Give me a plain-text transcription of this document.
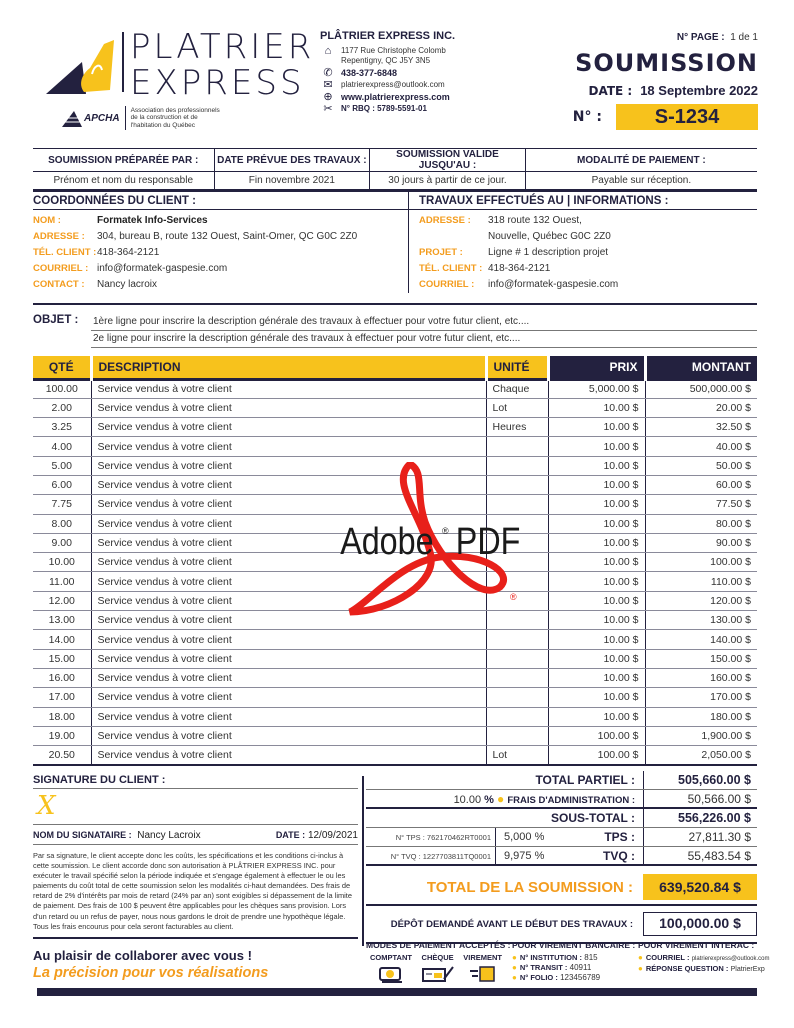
PLATRIER
EXPRESS
APCHA
Association des professionnels
de la construction et de
l'habitation du Québec
PLÂTRIER EXPRESS INC.
⌂	1177 Rue Christophe Colomb
Repentigny, QC J5Y 3N5
✆ 438-377-6848
✉	platrierexpress@outlook.com
⊕ www.platrierexpress.com
✂	N° RBQ : 5789-5591-01
N° PAGE : 1 de 1
SOUMISSION
DATE : 18 Septembre 2022
N° :	S-1234
SOUMISSION PRÉPARÉE PAR :	DATE PRÉVUE DES TRAVAUX :	SOUMISSION VALIDE JUSQU'AU :	MODALITÉ DE PAIEMENT :
Prénom et nom du responsable	Fin novembre 2021	30 jours à partir de ce jour.	Payable sur réception.
COORDONNÉES DU CLIENT :
NOM :	Formatek Info-Services
ADRESSE :	304, bureau B, route 132 Ouest, Saint-Omer, QC G0C 2Z0
TÉL. CLIENT : 418-364-2121
COURRIEL : info@formatek-gaspesie.com
CONTACT :	Nancy lacroix
TRAVAUX EFFECTUÉS AU | INFORMATIONS :
ADRESSE :	318 route 132 Ouest,
Nouvelle, Québec G0C 2Z0
PROJET :	Ligne # 1 description projet
TÉL. CLIENT : 418-364-2121
COURRIEL :	info@formatek-gaspesie.com
OBJET : 1ère ligne pour inscrire la description générale des travaux à effectuer pour votre futur client, etc....
2e ligne pour inscrire la description générale des travaux à effectuer pour votre futur client, etc....
QTÉ	DESCRIPTION	UNITÉ	PRIX	MONTANT
100.00	Service vendus à votre client	Chaque	5,000.00 $	500,000.00 $
2.00	Service vendus à votre client	Lot	10.00 $	20.00 $
3.25	Service vendus à votre client	Heures	10.00 $	32.50 $
4.00	Service vendus à votre client		10.00 $	40.00 $
5.00	Service vendus à votre client		10.00 $	50.00 $
6.00	Service vendus à votre client		10.00 $	60.00 $
7.75	Service vendus à votre client		10.00 $	77.50 $
8.00	Service vendus à votre client		10.00 $	80.00 $
9.00	Service vendus à votre client		10.00 $	90.00 $
10.00	Service vendus à votre client		10.00 $	100.00 $
11.00	Service vendus à votre client		10.00 $	110.00 $
12.00	Service vendus à votre client		10.00 $	120.00 $
13.00	Service vendus à votre client		10.00 $	130.00 $
14.00	Service vendus à votre client		10.00 $	140.00 $
15.00	Service vendus à votre client		10.00 $	150.00 $
16.00	Service vendus à votre client		10.00 $	160.00 $
17.00	Service vendus à votre client		10.00 $	170.00 $
18.00	Service vendus à votre client		10.00 $	180.00 $
19.00	Service vendus à votre client		100.00 $	1,900.00 $
20.50	Service vendus à votre client	Lot	100.00 $	2,050.00 $
Adobe ® PDF
®
SIGNATURE DU CLIENT :
X
NOM DU SIGNATAIRE : Nancy Lacroix	DATE : 12/09/2021
Par sa signature, le client accepte donc les coûts, les spécifications et les conditions ci-inclus à cette soumission. Le client accorde donc son autorisation à PLÂTRIER EXPRESS INC. pour exécuter le travail spécifié selon la période indiquée et s'engage également à effectuer le ou les paiements du coût total de cette soumission selon les modalités ci-haut demandées. Des frais de retard de 2% d'intérêts par mois de retard (24% par an) sont exigibles si dépassement de la limite de paiement. Des frais de 100 $ peuvent être applicables pour les chèques sans provision. Lors d'un retard ou un refus de payer, nous nous gardons le droit de prendre une hypothèque légale. Tous les frais encourus pour cela seront facturables au client.
Au plaisir de collaborer avec vous !
La précision pour vos réalisations
TOTAL PARTIEL :	505,660.00 $
10.00 % ● FRAIS D'ADMINISTRATION :	50,566.00 $
SOUS-TOTAL :	556,226.00 $
N° TPS : 762170462RT0001	5,000 %	TPS :	27,811.30 $
N° TVQ : 1227703811TQ0001	9,975 %	TVQ :	55,483.54 $
TOTAL DE LA SOUMISSION :	639,520.84 $
DÉPÔT DEMANDÉ AVANT LE DÉBUT DES TRAVAUX :	100,000.00 $
MODES DE PAIEMENT ACCEPTÉS :
COMPTANT CHÈQUE VIREMENT
POUR VIREMENT BANCAIRE :
● N° INSTITUTION : 815
● N° TRANSIT : 40911
● N° FOLIO : 123456789
POUR VIREMENT INTERAC :
● COURRIEL : platrierexpress@outlook.com
● RÉPONSE QUESTION : PlatrierExp
